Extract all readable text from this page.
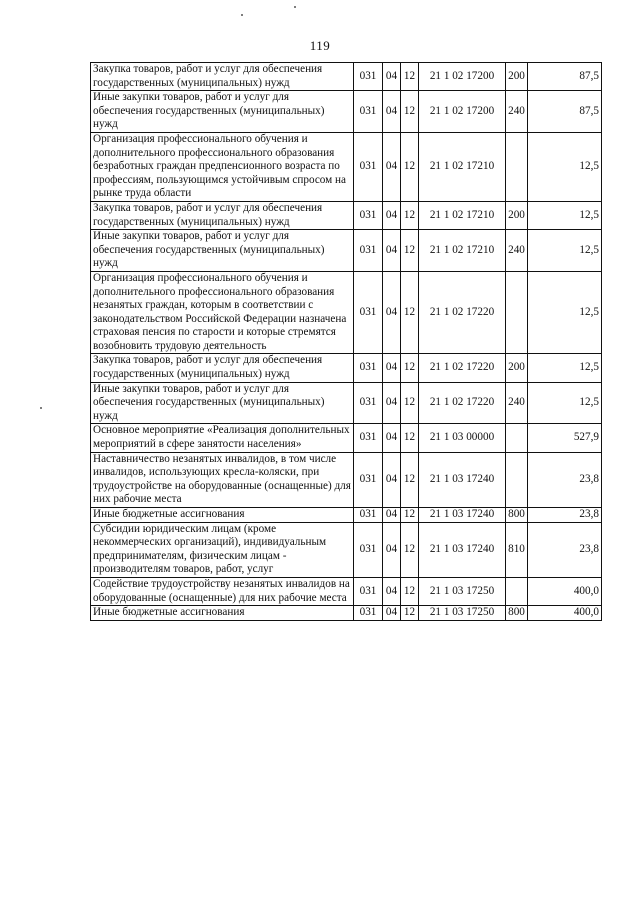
119
Закупка товаров, работ и услуг для обеспечения государственных (муниципальных) нужд	031	04	12	21 1 02 17200	200	87,5
Иные закупки товаров, работ и услуг для обеспечения государственных (муниципальных) нужд	031	04	12	21 1 02 17200	240	87,5
Организация профессионального обучения и дополнительного профессионального образования безработных граждан предпенсионного возраста по профессиям, пользующимся устойчивым спросом на рынке труда области	031	04	12	21 1 02 17210		12,5
Закупка товаров, работ и услуг для обеспечения государственных (муниципальных) нужд	031	04	12	21 1 02 17210	200	12,5
Иные закупки товаров, работ и услуг для обеспечения государственных (муниципальных) нужд	031	04	12	21 1 02 17210	240	12,5
Организация профессионального обучения и дополнительного профессионального образования незанятых граждан, которым в соответствии с законодательством Российской Федерации назначена страховая пенсия по старости и которые стремятся возобновить трудовую деятельность	031	04	12	21 1 02 17220		12,5
Закупка товаров, работ и услуг для обеспечения государственных (муниципальных) нужд	031	04	12	21 1 02 17220	200	12,5
Иные закупки товаров, работ и услуг для обеспечения государственных (муниципальных) нужд	031	04	12	21 1 02 17220	240	12,5
Основное мероприятие «Реализация дополнительных мероприятий в сфере занятости населения»	031	04	12	21 1 03 00000		527,9
Наставничество незанятых инвалидов, в том числе инвалидов, использующих кресла-коляски, при трудоустройстве на оборудованные (оснащенные) для них рабочие места	031	04	12	21 1 03 17240		23,8
Иные бюджетные ассигнования	031	04	12	21 1 03 17240	800	23,8
Субсидии юридическим лицам (кроме некоммерческих организаций), индивидуальным предпринимателям, физическим лицам - производителям товаров, работ, услуг	031	04	12	21 1 03 17240	810	23,8
Содействие трудоустройству незанятых инвалидов на оборудованные (оснащенные) для них рабочие места	031	04	12	21 1 03 17250		400,0
Иные бюджетные ассигнования	031	04	12	21 1 03 17250	800	400,0
